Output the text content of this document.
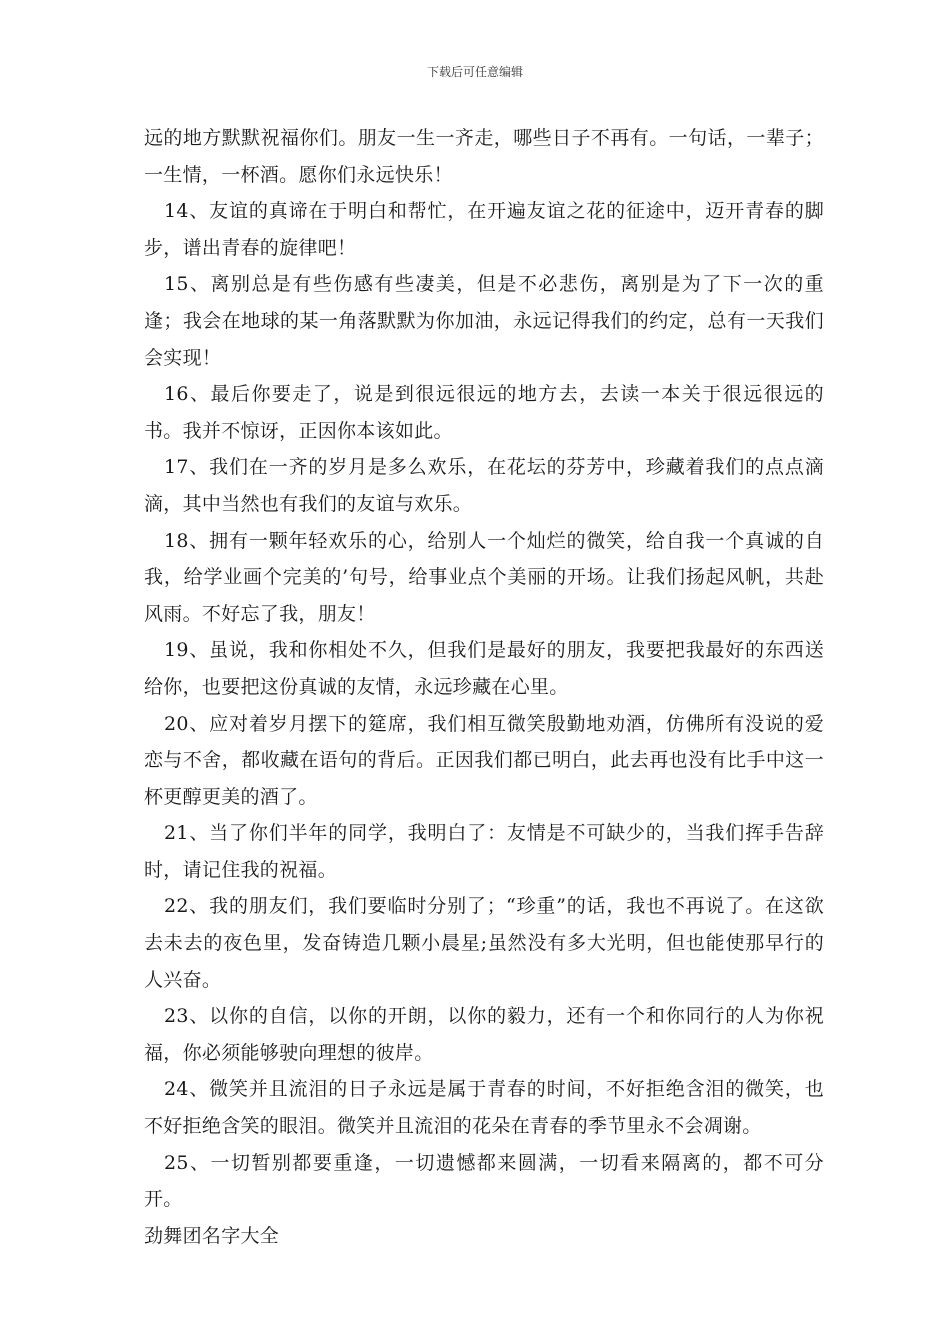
下载后可任意编辑

远的地方默默祝福你们。朋友一生一齐走，哪些日子不再有。一句话，一辈子；一生情，一杯酒。愿你们永远快乐！

14、友谊的真谛在于明白和帮忙，在开遍友谊之花的征途中，迈开青春的脚步，谱出青春的旋律吧！

15、离别总是有些伤感有些凄美，但是不必悲伤，离别是为了下一次的重逢；我会在地球的某一角落默默为你加油，永远记得我们的约定，总有一天我们会实现！

16、最后你要走了，说是到很远很远的地方去，去读一本关于很远很远的书。我并不惊讶，正因你本该如此。

17、我们在一齐的岁月是多么欢乐，在花坛的芬芳中，珍藏着我们的点点滴滴，其中当然也有我们的友谊与欢乐。

18、拥有一颗年轻欢乐的心，给别人一个灿烂的微笑，给自我一个真诚的自我，给学业画个完美的’句号，给事业点个美丽的开场。让我们扬起风帆，共赴风雨。不好忘了我，朋友！

19、虽说，我和你相处不久，但我们是最好的朋友，我要把我最好的东西送给你，也要把这份真诚的友情，永远珍藏在心里。

20、应对着岁月摆下的筵席，我们相互微笑殷勤地劝酒，仿佛所有没说的爱恋与不舍，都收藏在语句的背后。正因我们都已明白，此去再也没有比手中这一杯更醇更美的酒了。

21、当了你们半年的同学，我明白了：友情是不可缺少的，当我们挥手告辞时，请记住我的祝福。

22、我的朋友们，我们要临时分别了；“珍重”的话，我也不再说了。在这欲去未去的夜色里，发奋铸造几颗小晨星;虽然没有多大光明，但也能使那早行的人兴奋。

23、以你的自信，以你的开朗，以你的毅力，还有一个和你同行的人为你祝福，你必须能够驶向理想的彼岸。

24、微笑并且流泪的日子永远是属于青春的时间，不好拒绝含泪的微笑，也不好拒绝含笑的眼泪。微笑并且流泪的花朵在青春的季节里永不会凋谢。

25、一切暂别都要重逢，一切遗憾都来圆满，一切看来隔离的，都不可分开。

劲舞团名字大全
